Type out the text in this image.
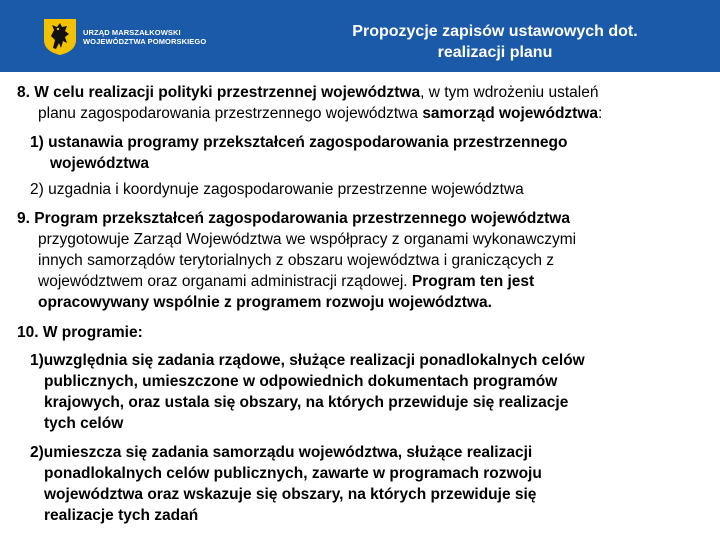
URZĄD MARSZAŁKOWSKI
WOJEWÓDZTWA POMORSKIEGO
Propozycje zapisów ustawowych dot.
realizacji planu
8. W celu realizacji polityki przestrzennej województwa, w tym wdrożeniu ustaleń
planu zagospodarowania przestrzennego województwa samorząd województwa:
1) ustanawia programy przekształceń zagospodarowania przestrzennego
województwa
2) uzgadnia i koordynuje zagospodarowanie przestrzenne województwa
9. Program przekształceń zagospodarowania przestrzennego województwa
przygotowuje Zarząd Województwa we współpracy z organami wykonawczymi
innych samorządów terytorialnych z obszaru województwa i graniczących z
województwem oraz organami administracji rządowej. Program ten jest
opracowywany wspólnie z programem rozwoju województwa.
10. W programie:
1)uwzględnia się zadania rządowe, służące realizacji ponadlokalnych celów
publicznych, umieszczone w odpowiednich dokumentach programów
krajowych, oraz ustala się obszary, na których przewiduje się realizacje
tych celów
2)umieszcza się zadania samorządu województwa, służące realizacji
ponadlokalnych celów publicznych, zawarte w programach rozwoju
województwa oraz wskazuje się obszary, na których przewiduje się
realizacje tych zadań
